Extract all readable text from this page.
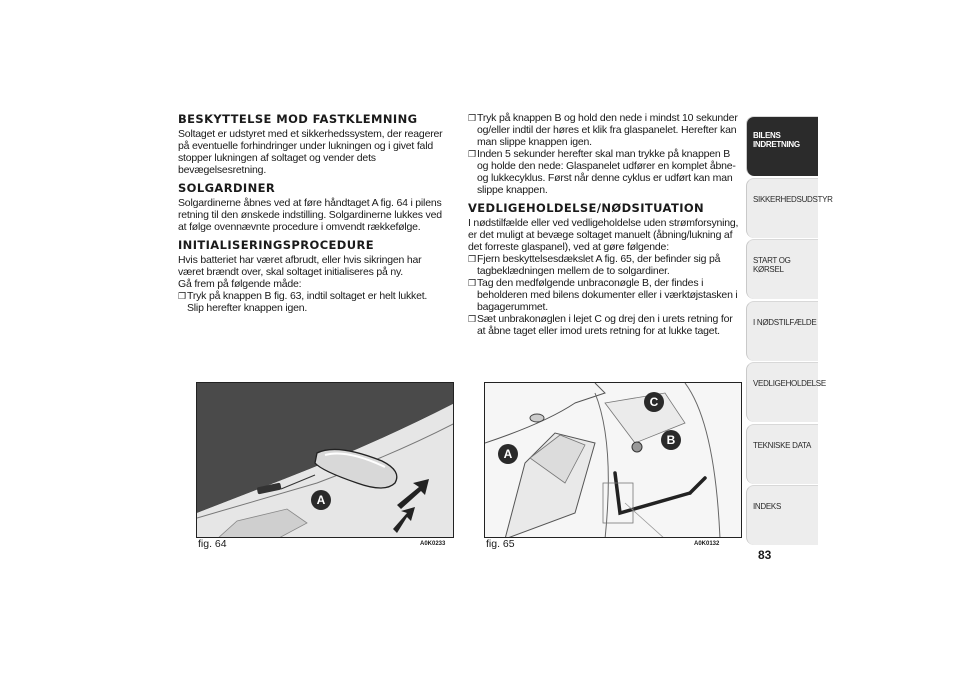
BESKYTTELSE MOD FASTKLEMNING

Soltaget er udstyret med et sikkerhedssystem, der reagerer på eventuelle forhindringer under lukningen og i givet fald stopper lukningen af soltaget og vender dets bevægelsesretning.

SOLGARDINER

Solgardinerne åbnes ved at føre håndtaget A fig. 64 i pilens retning til den ønskede indstilling. Solgardinerne lukkes ved at følge ovennævnte procedure i omvendt rækkefølge.

INITIALISERINGSPROCEDURE

Hvis batteriet har været afbrudt, eller hvis sikringen har været brændt over, skal soltaget initialiseres på ny.

Gå frem på følgende måde:

❒ Tryk på knappen B fig. 63, indtil soltaget er helt lukket. Slip herefter knappen igen.
❒ Tryk på knappen B og hold den nede i mindst 10 sekunder og/eller indtil der høres et klik fra glaspanelet. Herefter kan man slippe knappen igen.
❒ Inden 5 sekunder herefter skal man trykke på knappen B og holde den nede: Glaspanelet udfører en komplet åbne- og lukkecyklus. Først når denne cyklus er udført kan man slippe knappen.
VEDLIGEHOLDELSE/NØDSITUATION

I nødstilfælde eller ved vedligeholdelse uden strømforsyning, er det muligt at bevæge soltaget manuelt (åbning/lukning af det forreste glaspanel), ved at gøre følgende:

❒ Fjern beskyttelsesdækslet A fig. 65, der befinder sig på tagbeklædningen mellem de to solgardiner.
❒ Tag den medfølgende unbraconøgle B, der findes i beholderen med bilens dokumenter eller i værktøjstasken i bagagerummet.
❒ Sæt unbrakonøglen i lejet C og drej den i urets retning for at åbne taget eller imod urets retning for at lukke taget.
A
fig. 64	A0K0233
A
B
C
fig. 65	A0K0132
BILENS INDRETNING
SIKKERHEDSUDSTYR
START OG KØRSEL
I NØDSTILFÆLDE
VEDLIGEHOLDELSE
TEKNISKE DATA
INDEKS
83
